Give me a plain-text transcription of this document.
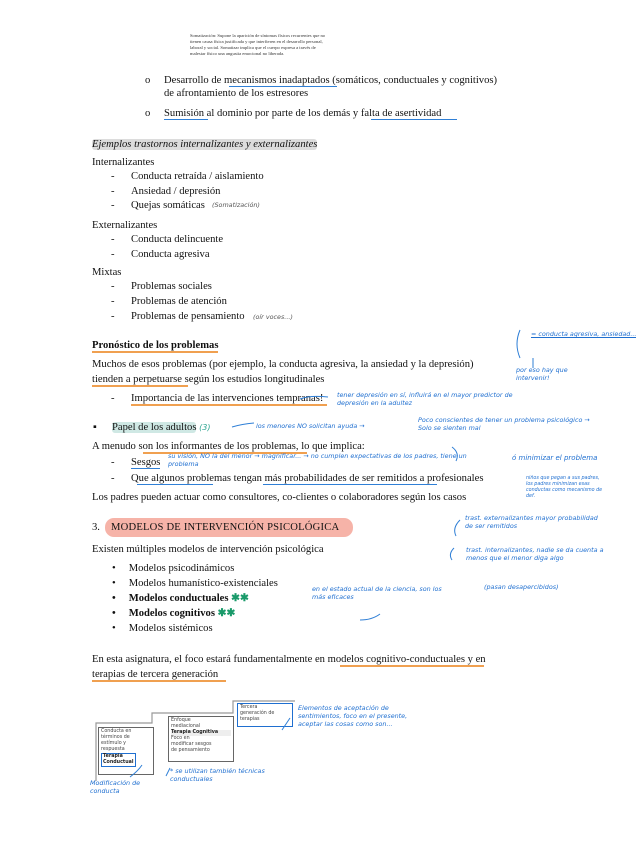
Somatización: Supone la aparición de síntomas físicos recurrentes que no
tienen causa física justificada y que interfieren en el desarrollo personal,
laboral y social. Somatizar implica que el cuerpo expresa a través de
malestar físico una angustia emocional no liberada.
o Desarrollo de mecanismos inadaptados (somáticos, conductuales y cognitivos)
de afrontamiento de los estresores
o Sumisión al dominio por parte de los demás y falta de asertividad
Ejemplos trastornos internalizantes y externalizantes
Internalizantes
- Conducta retraída / aislamiento
- Ansiedad / depresión
- Quejas somáticas (Somatización)
Externalizantes
- Conducta delincuente
- Conducta agresiva
Mixtas
- Problemas sociales
- Problemas de atención
- Problemas de pensamiento (oír voces...)
Pronóstico de los problemas
Muchos de esos problemas (por ejemplo, la conducta agresiva, la ansiedad y la depresión)
tienden a perpetuarse según los estudios longitudinales
- Importancia de las intervenciones tempranas!
▪ Papel de los adultos (3)
A menudo son los informantes de los problemas, lo que implica:
- Sesgos
- Que algunos problemas tengan más probabilidades de ser remitidos a profesionales
Los padres pueden actuar como consultores, co-clientes o colaboradores según los casos
3. MODELOS DE INTERVENCIÓN PSICOLÓGICA
Existen múltiples modelos de intervención psicológica
• Modelos psicodinámicos
• Modelos humanístico-existenciales
• Modelos conductuales ✱✱
• Modelos cognitivos ✱✱
• Modelos sistémicos
En esta asignatura, el foco estará fundamentalmente en modelos cognitivo-conductuales y en
terapias de tercera generación
Conducta en
términos de
estímulo y
respuesta
Terapia
Conductual
Enfoque
mediacional
Terapia Cognitiva
Foco en
modificar sesgos
de pensamiento
Tercera
generación de
terapias
= conducta agresiva, ansiedad...
por eso hay que intervenir!
tener depresión en sí, influirá en el mayor predictor de depresión en la adultez
los menores NO solicitan ayuda →
Poco conscientes de tener un problema psicológico → Solo se sienten mal
su visión, NO la del menor → magnificar... → no cumplen expectativas de los padres, tiene un problema
ó minimizar el problema
niños que pegan a sus padres, los padres minimizan esas conductas como mecanismo de def.
trast. externalizantes mayor probabilidad de ser remitidos
trast. internalizantes, nadie se da cuenta a menos que el menor diga algo
(pasan desapercibidos)
en el estado actual de la ciencia, son los más eficaces
Elementos de aceptación de sentimientos, foco en el presente, aceptar las cosas como son...
* se utilizan también técnicas conductuales
Modificación de conducta
